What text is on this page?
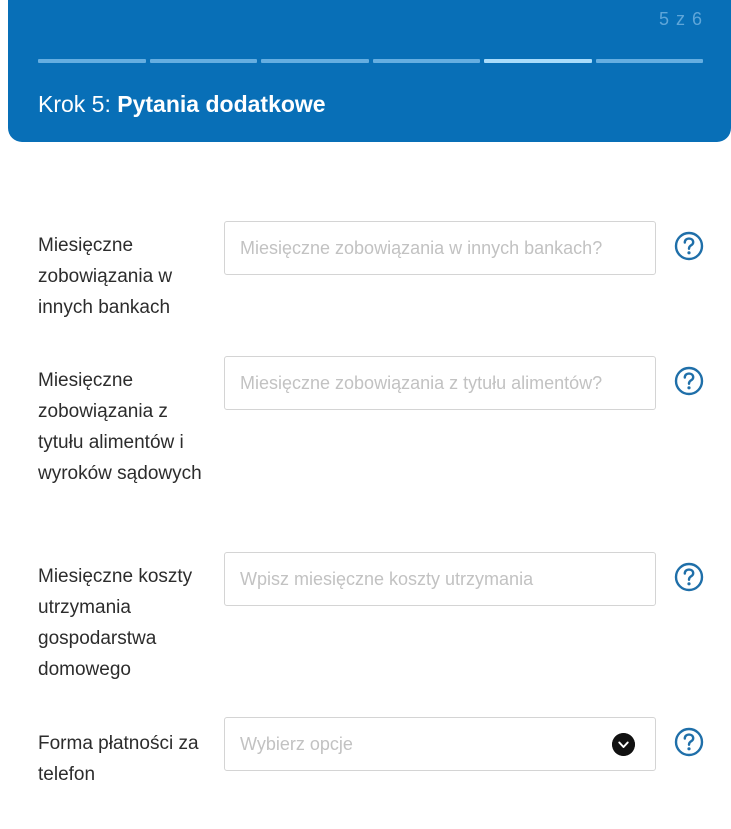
5 z 6
Krok 5: Pytania dodatkowe
Miesięczne zobowiązania w innych bankach
Miesięczne zobowiązania w innych bankach?
Miesięczne zobowiązania z tytułu alimentów i wyroków sądowych
Miesięczne zobowiązania z tytułu alimentów?
Miesięczne koszty utrzymania gospodarstwa domowego
Wpisz miesięczne koszty utrzymania
Forma płatności za telefon
Wybierz opcje
